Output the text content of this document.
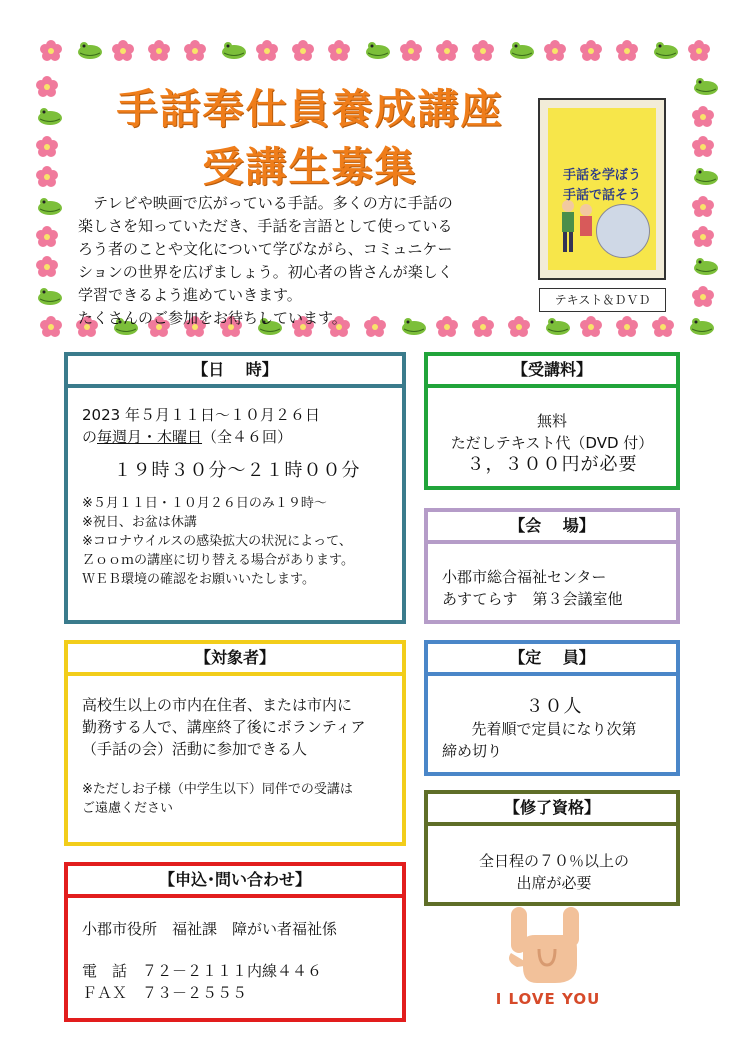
手話奉仕員養成講座
受講生募集

　テレビや映画で広がっている手話。多くの方に手話の

楽しさを知っていただき、手話を言語として使っている

ろう者のことや文化について学びながら、コミュニケー

ションの世界を広げましょう。初心者の皆さんが楽しく

学習できるよう進めていきます。

たくさんのご参加をお待ちしています。

手話を学ぼう
手話で話そう
テキスト＆ＤＶＤ
【日　 時】
2023 年５月１１日～１０月２６日
の毎週月・木曜日（全４６回）
１９時３０分～２１時００分
※５月１１日・１０月２６日のみ１９時～
※祝日、お盆は休講
※コロナウイルスの感染拡大の状況によって、
Ｚｏｏｍの講座に切り替える場合があります。
ＷＥＢ環境の確認をお願いいたします。
【受講料】
無料
ただしテキスト代（DVD 付）
３，３００円が必要
【会　 場】
小郡市総合福祉センター
あすてらす　第３会議室他
【対象者】
高校生以上の市内在住者、または市内に
勤務する人で、講座終了後にボランティア
（手話の会）活動に参加できる人
※ただしお子様（中学生以下）同伴での受講は
ご遠慮ください
【定　 員】
３０人
先着順で定員になり次第
締め切り
【修了資格】
全日程の７０％以上の
出席が必要
【申込･問い合わせ】
小郡市役所　福祉課　障がい者福祉係
電　話　７２－２１１１内線４４６
ＦＡＸ　７３－２５５５	I LOVE YOU
